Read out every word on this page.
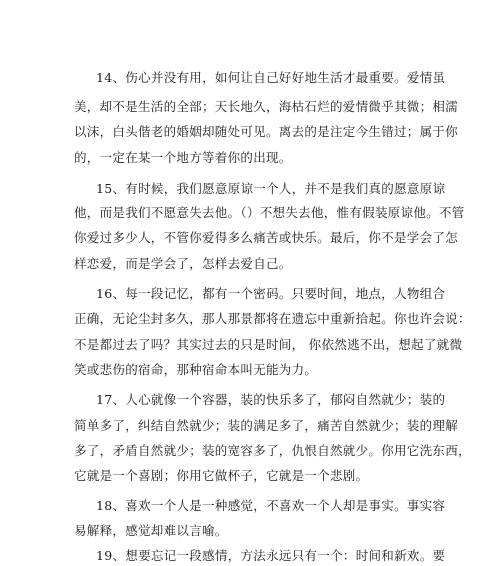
14、伤心并没有用，如何让自己好好地生活才最重要。爱情虽
美，却不是生活的全部；天长地久，海枯石烂的爱情微乎其微；相濡
以沫，白头偕老的婚姻却随处可见。离去的是注定今生错过；属于你
的，一定在某一个地方等着你的出现。
15、有时候，我们愿意原谅一个人，并不是我们真的愿意原谅
他，而是我们不愿意失去他。（）不想失去他，惟有假装原谅他。不管
你爱过多少人，不管你爱得多么痛苦或快乐。最后，你不是学会了怎
样恋爱，而是学会了，怎样去爱自己。
16、每一段记忆，都有一个密码。只要时间，地点，人物组合
正确，无论尘封多久，那人那景都将在遗忘中重新拾起。你也许会说：
不是都过去了吗？其实过去的只是时间， 你依然逃不出，想起了就微
笑或悲伤的宿命，那种宿命本叫无能为力。
17、人心就像一个容器，装的快乐多了，郁闷自然就少；装的
简单多了，纠结自然就少；装的满足多了，痛苦自然就少；装的理解
多了，矛盾自然就少；装的宽容多了，仇恨自然就少。你用它洗东西，
它就是一个喜剧；你用它做杯子，它就是一个悲剧。
18、喜欢一个人是一种感觉，不喜欢一个人却是事实。事实容
易解释，感觉却难以言喻。
19、想要忘记一段感情，方法永远只有一个：时间和新欢。要
